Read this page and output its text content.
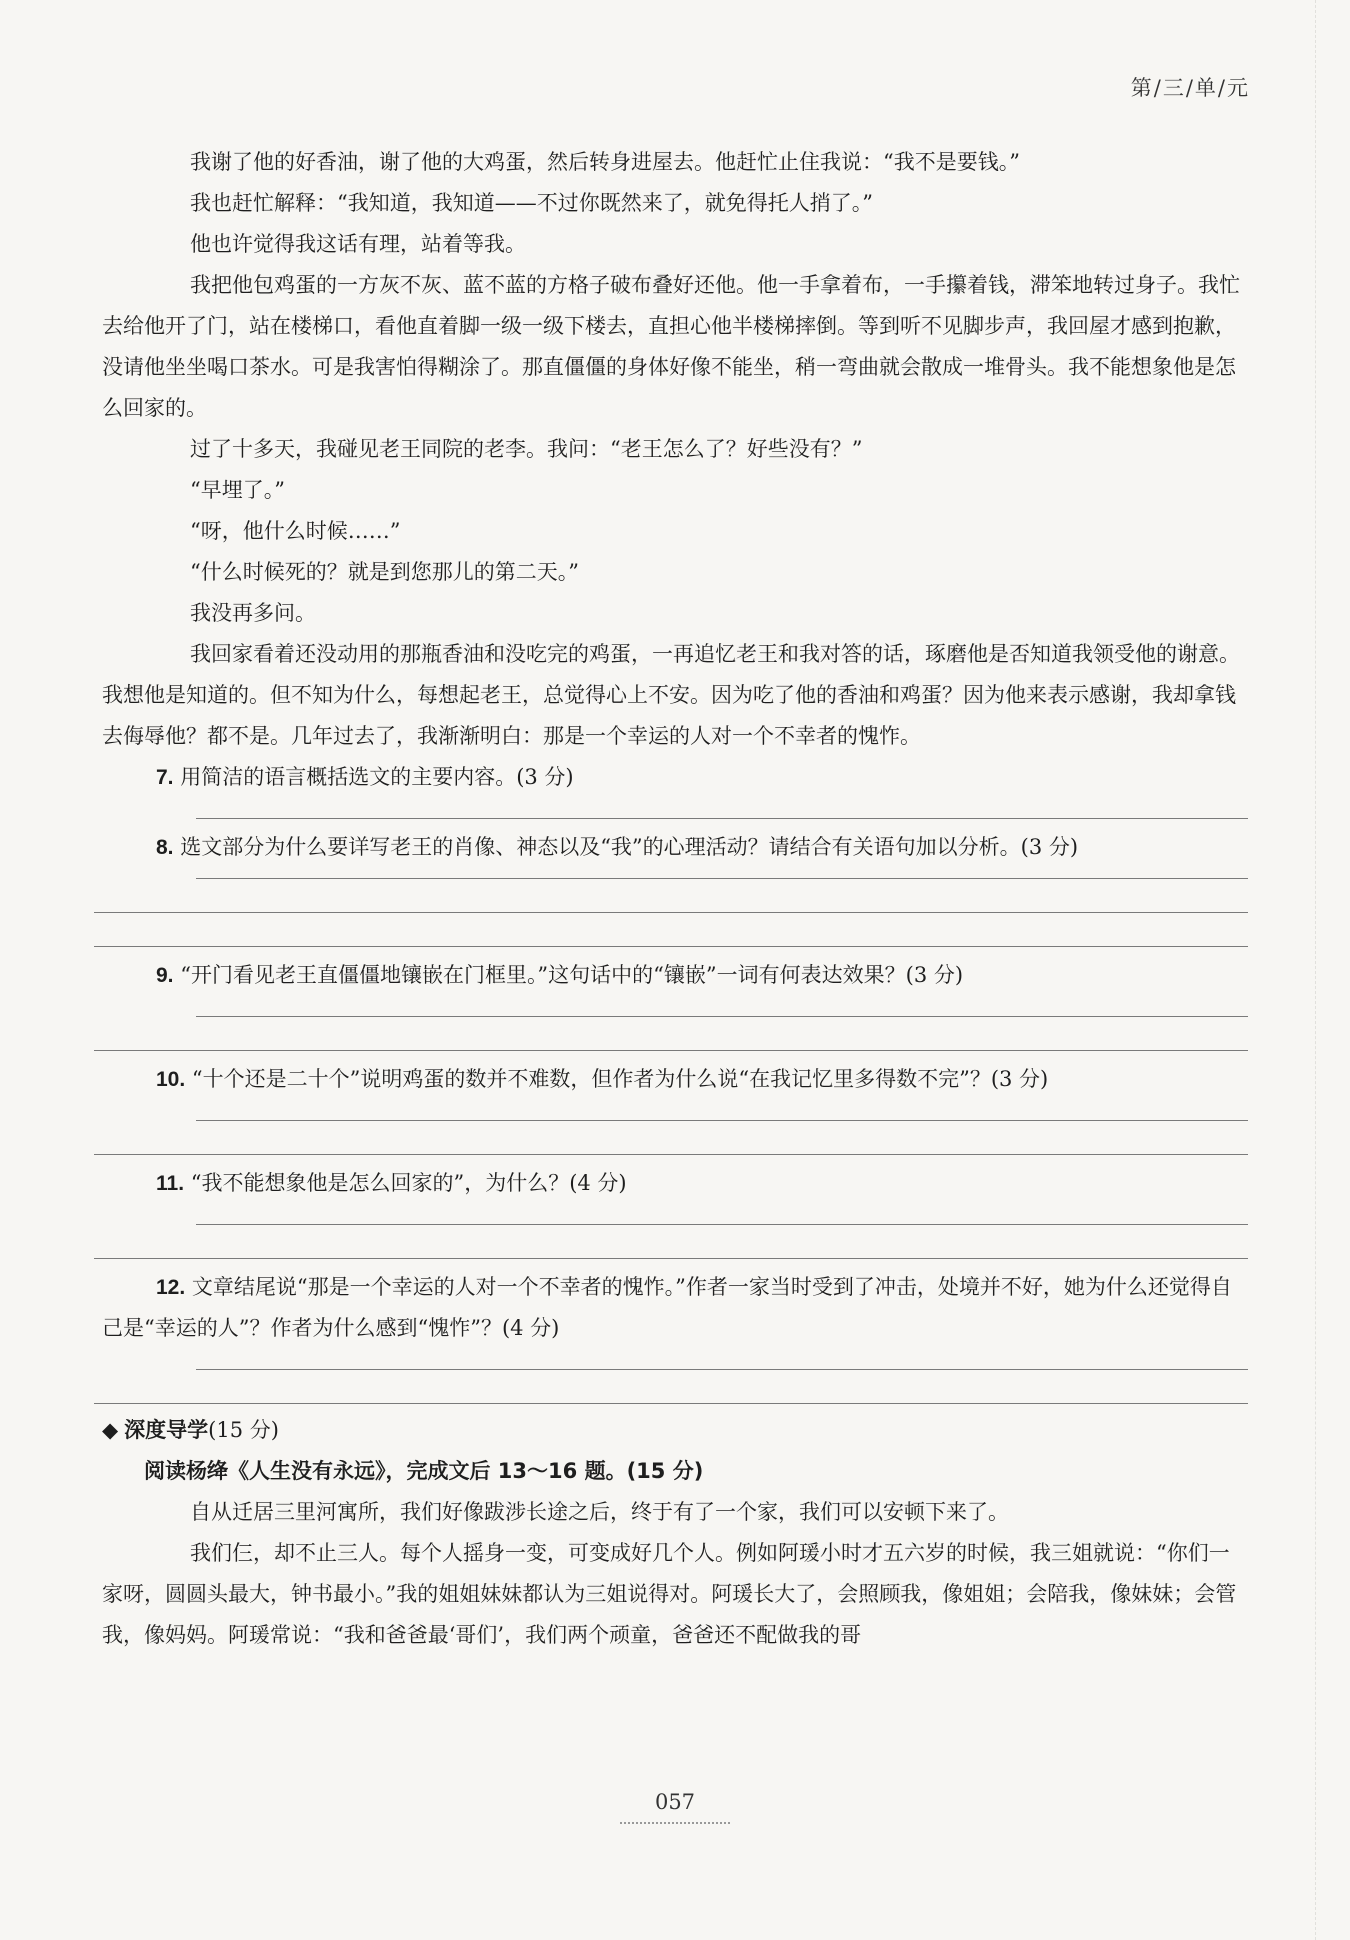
第/三/单/元

我谢了他的好香油，谢了他的大鸡蛋，然后转身进屋去。他赶忙止住我说：“我不是要钱。”

我也赶忙解释：“我知道，我知道——不过你既然来了，就免得托人捎了。”

他也许觉得我这话有理，站着等我。

我把他包鸡蛋的一方灰不灰、蓝不蓝的方格子破布叠好还他。他一手拿着布，一手攥着钱，滞笨地转过身子。我忙去给他开了门，站在楼梯口，看他直着脚一级一级下楼去，直担心他半楼梯摔倒。等到听不见脚步声，我回屋才感到抱歉，没请他坐坐喝口茶水。可是我害怕得糊涂了。那直僵僵的身体好像不能坐，稍一弯曲就会散成一堆骨头。我不能想象他是怎么回家的。

过了十多天，我碰见老王同院的老李。我问：“老王怎么了？好些没有？”

“早埋了。”

“呀，他什么时候……”

“什么时候死的？就是到您那儿的第二天。”

我没再多问。

我回家看着还没动用的那瓶香油和没吃完的鸡蛋，一再追忆老王和我对答的话，琢磨他是否知道我领受他的谢意。我想他是知道的。但不知为什么，每想起老王，总觉得心上不安。因为吃了他的香油和鸡蛋？因为他来表示感谢，我却拿钱去侮辱他？都不是。几年过去了，我渐渐明白：那是一个幸运的人对一个不幸者的愧怍。

7. 用简洁的语言概括选文的主要内容。(3 分)

8. 选文部分为什么要详写老王的肖像、神态以及“我”的心理活动？请结合有关语句加以分析。(3 分)

9. “开门看见老王直僵僵地镶嵌在门框里。”这句话中的“镶嵌”一词有何表达效果？(3 分)

10. “十个还是二十个”说明鸡蛋的数并不难数，但作者为什么说“在我记忆里多得数不完”？(3 分)

11. “我不能想象他是怎么回家的”，为什么？(4 分)

12. 文章结尾说“那是一个幸运的人对一个不幸者的愧怍。”作者一家当时受到了冲击，处境并不好，她为什么还觉得自己是“幸运的人”？作者为什么感到“愧怍”？(4 分)

◆ 深度导学(15 分)

阅读杨绛《人生没有永远》，完成文后 13～16 题。(15 分)

自从迁居三里河寓所，我们好像跋涉长途之后，终于有了一个家，我们可以安顿下来了。

我们仨，却不止三人。每个人摇身一变，可变成好几个人。例如阿瑗小时才五六岁的时候，我三姐就说：“你们一家呀，圆圆头最大，钟书最小。”我的姐姐妹妹都认为三姐说得对。阿瑗长大了，会照顾我，像姐姐；会陪我，像妹妹；会管我，像妈妈。阿瑗常说：“我和爸爸最‘哥们’，我们两个顽童，爸爸还不配做我的哥

057
